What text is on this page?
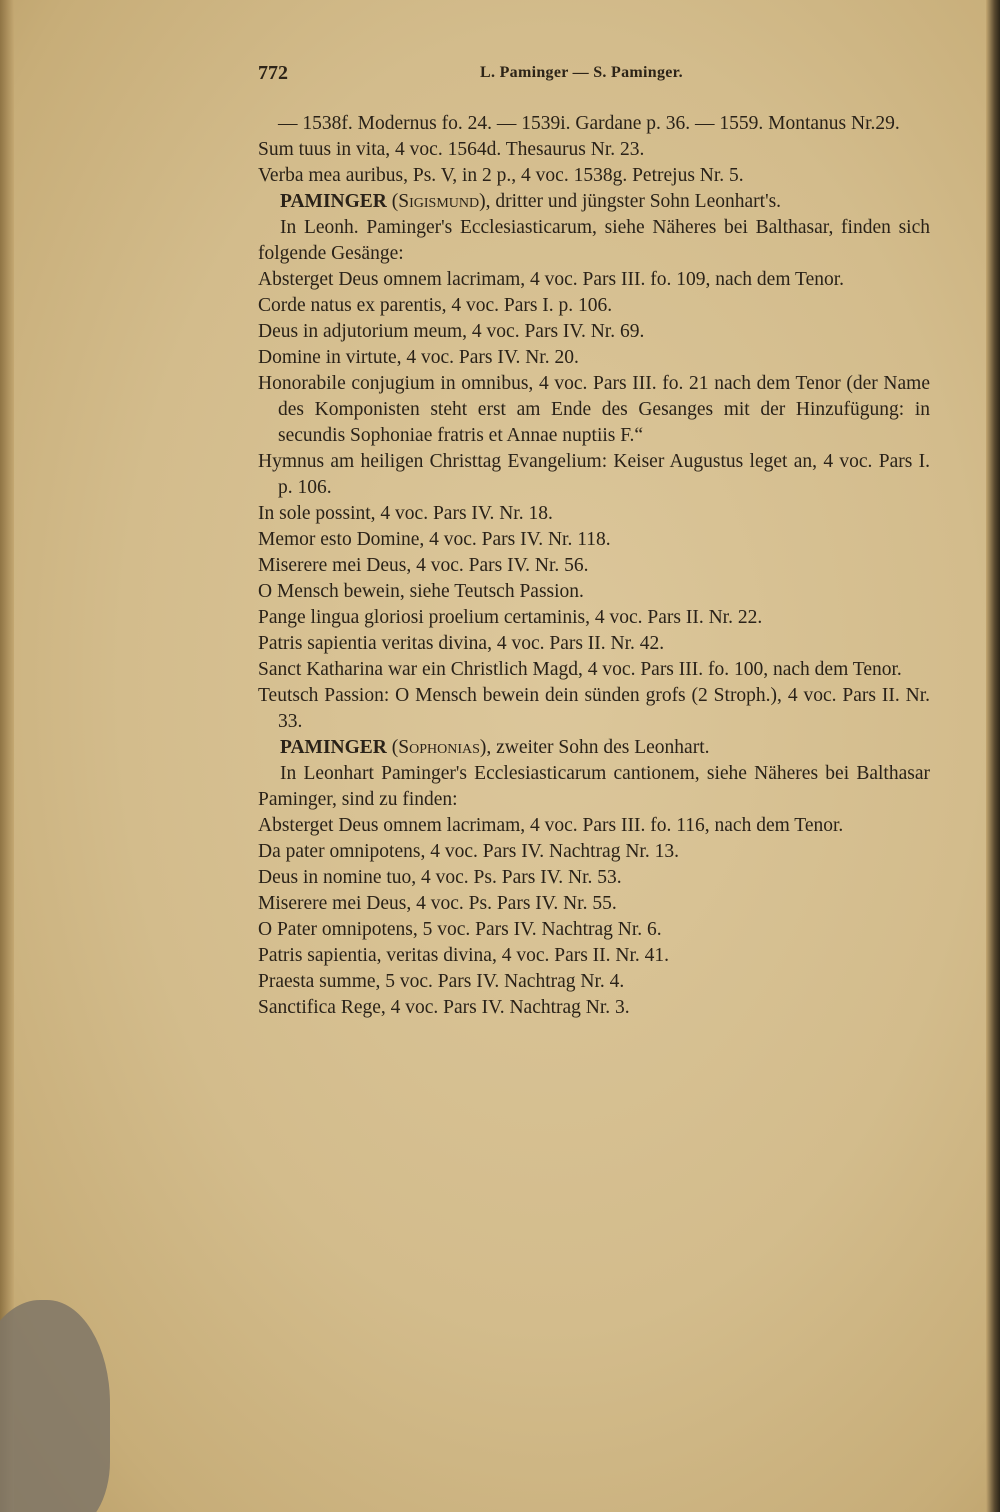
772	L. Paminger — S. Paminger.
— 1538f. Modernus fo. 24. — 1539i. Gardane p. 36. — 1559. Montanus Nr.29.
Sum tuus in vita, 4 voc. 1564d. Thesaurus Nr. 23.
Verba mea auribus, Ps. V, in 2 p., 4 voc. 1538g. Petrejus Nr. 5.
PAMINGER (Sigismund), dritter und jüngster Sohn Leonhart's.
In Leonh. Paminger's Ecclesiasticarum, siehe Näheres bei Balthasar, finden sich folgende Gesänge:
Absterget Deus omnem lacrimam, 4 voc. Pars III. fo. 109, nach dem Tenor.
Corde natus ex parentis, 4 voc. Pars I. p. 106.
Deus in adjutorium meum, 4 voc. Pars IV. Nr. 69.
Domine in virtute, 4 voc. Pars IV. Nr. 20.
Honorabile conjugium in omnibus, 4 voc. Pars III. fo. 21 nach dem Tenor (der Name des Komponisten steht erst am Ende des Gesanges mit der Hinzufügung: in secundis Sophoniae fratris et Annae nuptiis F.“
Hymnus am heiligen Christtag Evangelium: Keiser Augustus leget an, 4 voc. Pars I. p. 106.
In sole possint, 4 voc. Pars IV. Nr. 18.
Memor esto Domine, 4 voc. Pars IV. Nr. 118.
Miserere mei Deus, 4 voc. Pars IV. Nr. 56.
O Mensch bewein, siehe Teutsch Passion.
Pange lingua gloriosi proelium certaminis, 4 voc. Pars II. Nr. 22.
Patris sapientia veritas divina, 4 voc. Pars II. Nr. 42.
Sanct Katharina war ein Christlich Magd, 4 voc. Pars III. fo. 100, nach dem Tenor.
Teutsch Passion: O Mensch bewein dein sünden grofs (2 Stroph.), 4 voc. Pars II. Nr. 33.
PAMINGER (Sophonias), zweiter Sohn des Leonhart.
In Leonhart Paminger's Ecclesiasticarum cantionem, siehe Näheres bei Balthasar Paminger, sind zu finden:
Absterget Deus omnem lacrimam, 4 voc. Pars III. fo. 116, nach dem Tenor.
Da pater omnipotens, 4 voc. Pars IV. Nachtrag Nr. 13.
Deus in nomine tuo, 4 voc. Ps. Pars IV. Nr. 53.
Miserere mei Deus, 4 voc. Ps. Pars IV. Nr. 55.
O Pater omnipotens, 5 voc. Pars IV. Nachtrag Nr. 6.
Patris sapientia, veritas divina, 4 voc. Pars II. Nr. 41.
Praesta summe, 5 voc. Pars IV. Nachtrag Nr. 4.
Sanctifica Rege, 4 voc. Pars IV. Nachtrag Nr. 3.
